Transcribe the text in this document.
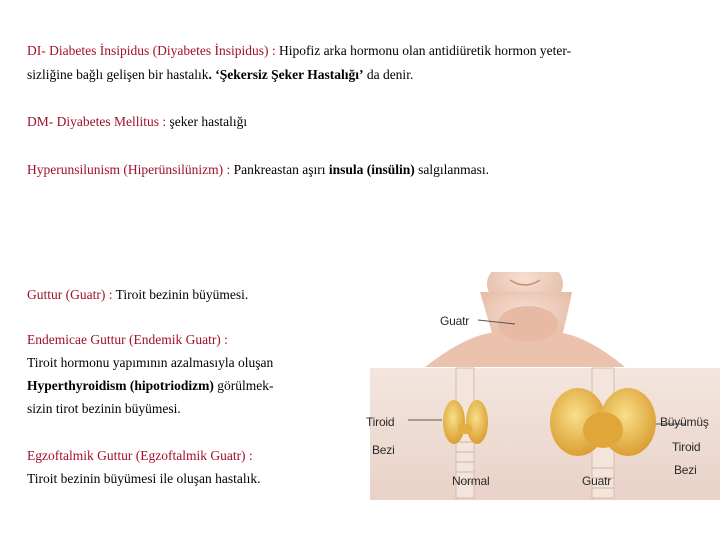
DI- Diabetes İnsipidus (Diyabetes İnsipidus) : Hipofiz arka hormonu olan antidiüretik hormon yeter-
sizliğine bağlı gelişen bir hastalık. ‘Şekersiz Şeker Hastalığı’ da denir.
DM- Diyabetes Mellitus : şeker hastalığı
Hyperunsilunism (Hiperünsilünizm) : Pankreastan aşırı insula (insülin) salgılanması.
Guttur (Guatr) : Tiroit bezinin büyümesi.
Endemicae Guttur (Endemik Guatr) :
Tiroit hormonu yapımının azalmasıyla oluşan
Hyperthyroidism (hipotriodizm) görülmek-
sizin tirot bezinin büyümesi.
Egzoftalmik Guttur (Egzoftalmik Guatr) :
Tiroit bezinin büyümesi ile oluşan hastalık.
Guatr
Tiroid
Bezi
Büyümüş
Tiroid
Bezi
Normal	Guatr
